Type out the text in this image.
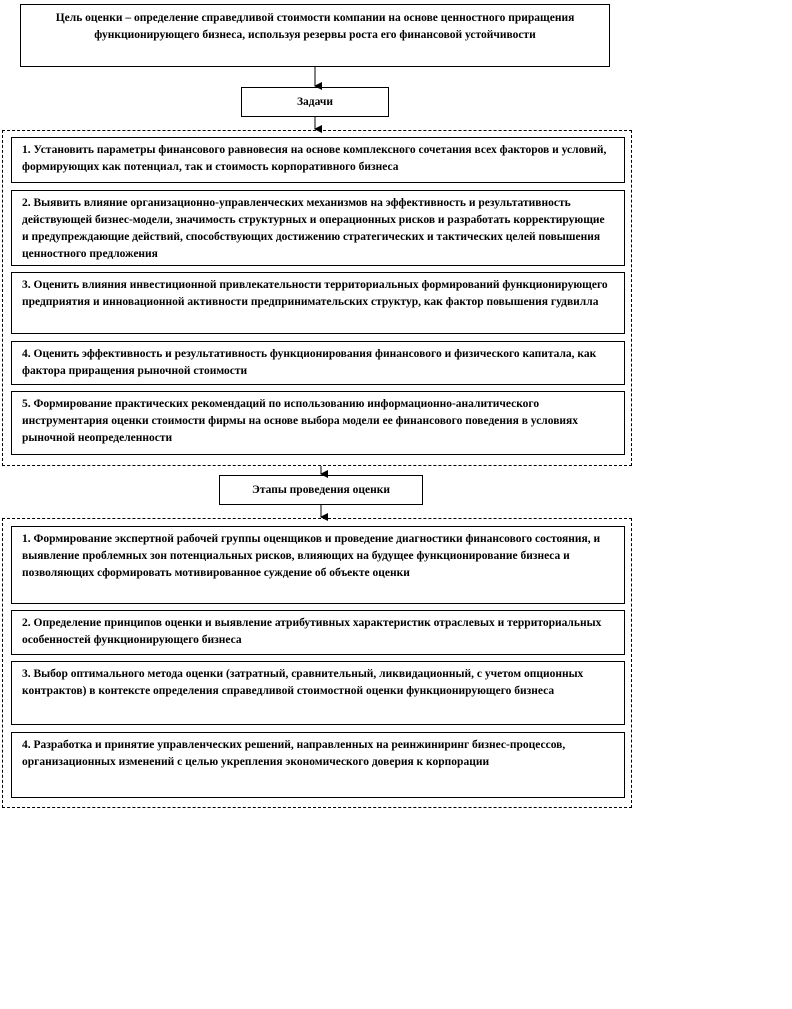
Цель оценки – определение справедливой стоимости компании на основе ценностного приращения функционирующего бизнеса, используя резервы роста его финансовой устойчивости
Задачи
1. Установить параметры финансового равновесия на основе комплексного сочетания всех факторов и условий, формирующих как потенциал, так и стоимость корпоративного бизнеса
2. Выявить влияние организационно-управленческих механизмов на эффективность и результативность действующей бизнес-модели, значимость структурных и операционных рисков и разработать корректирующие и предупреждающие действий, способствующих достижению стратегических и тактических целей повышения ценностного предложения
3. Оценить влияния инвестиционной привлекательности территориальных формирований функционирующего предприятия и инновационной активности предпринимательских структур, как фактор повышения гудвилла
4. Оценить эффективность и результативность функционирования финансового и физического капитала, как фактора приращения рыночной стоимости
5. Формирование практических рекомендаций по использованию информационно-аналитического инструментария оценки стоимости фирмы на основе выбора модели ее финансового поведения в условиях рыночной неопределенности
Этапы проведения оценки
1. Формирование экспертной рабочей группы оценщиков и проведение диагностики финансового состояния, и выявление проблемных зон потенциальных рисков, влияющих на будущее функционирование бизнеса и позволяющих сформировать мотивированное суждение об объекте оценки
2. Определение принципов оценки и выявление атрибутивных характеристик отраслевых и территориальных особенностей функционирующего бизнеса
3. Выбор оптимального метода оценки (затратный, сравнительный, ликвидационный, с учетом опционных контрактов) в контексте определения справедливой стоимостной оценки функционирующего бизнеса
4. Разработка и принятие управленческих решений, направленных на реинжиниринг бизнес-процессов, организационных изменений с целью укрепления экономического доверия к корпорации
